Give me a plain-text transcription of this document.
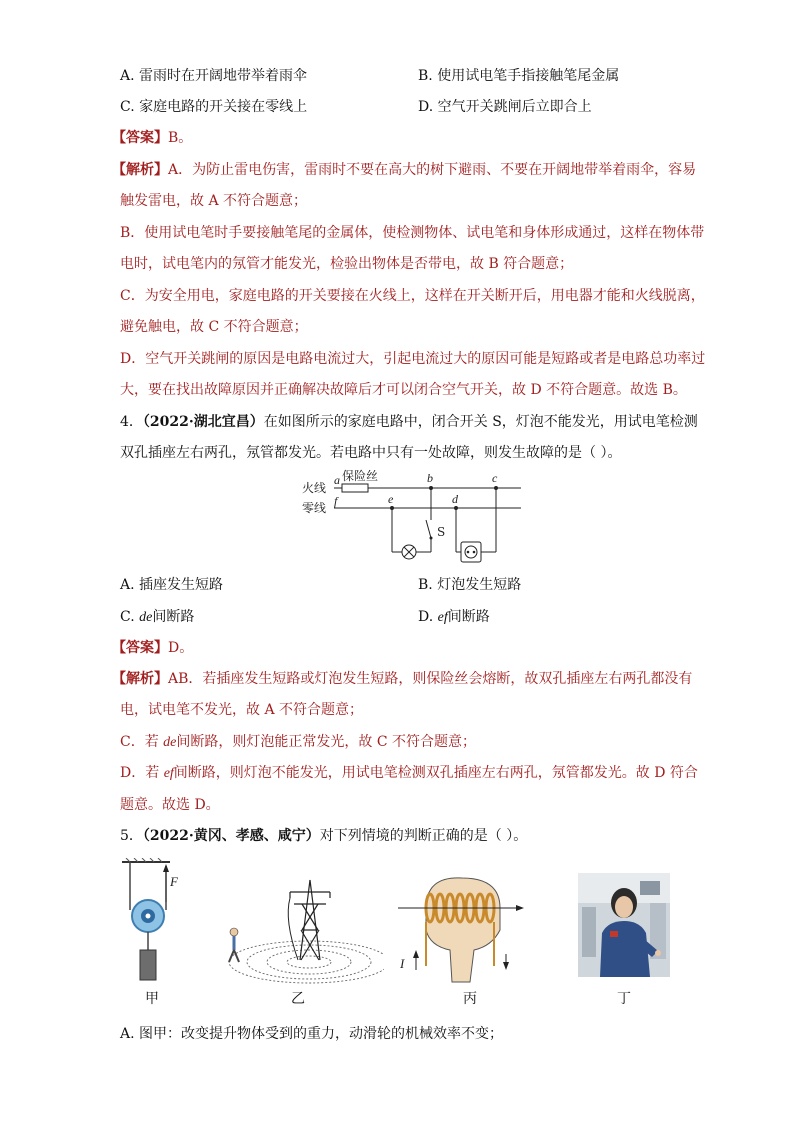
A. 雷雨时在开阔地带举着雨伞	B. 使用试电笔手指接触笔尾金属
C. 家庭电路的开关接在零线上	D. 空气开关跳闸后立即合上
【答案】B。
【解析】A．为防止雷电伤害，雷雨时不要在高大的树下避雨、不要在开阔地带举着雨伞，容易
触发雷电，故 A 不符合题意；
B．使用试电笔时手要接触笔尾的金属体，使检测物体、试电笔和身体形成通过，这样在物体带
电时，试电笔内的氖管才能发光，检验出物体是否带电，故 B 符合题意；
C．为安全用电，家庭电路的开关要接在火线上，这样在开关断开后，用电器才能和火线脱离，
避免触电，故 C 不符合题意；
D．空气开关跳闸的原因是电路电流过大，引起电流过大的原因可能是短路或者是电路总功率过
大，要在找出故障原因并正确解决故障后才可以闭合空气开关，故 D 不符合题意。故选 B。
4．（2022·湖北宜昌）在如图所示的家庭电路中，闭合开关 S，灯泡不能发光，用试电笔检测
双孔插座左右两孔，氖管都发光。若电路中只有一处故障，则发生故障的是（ ）。
火线
零线
保险丝
S
a	b	c
d
e
f
A. 插座发生短路	B. 灯泡发生短路
C. de间断路	D. ef间断路
【答案】D。
【解析】AB．若插座发生短路或灯泡发生短路，则保险丝会熔断，故双孔插座左右两孔都没有
电，试电笔不发光，故 A 不符合题意；
C．若 de间断路，则灯泡能正常发光，故 C 不符合题意；
D．若 ef间断路，则灯泡不能发光，用试电笔检测双孔插座左右两孔，氖管都发光。故 D 符合
题意。故选 D。
5．（2022·黄冈、孝感、咸宁）对下列情境的判断正确的是（ ）。
F
甲	乙
I
丙	丁
A. 图甲：改变提升物体受到的重力，动滑轮的机械效率不变；
